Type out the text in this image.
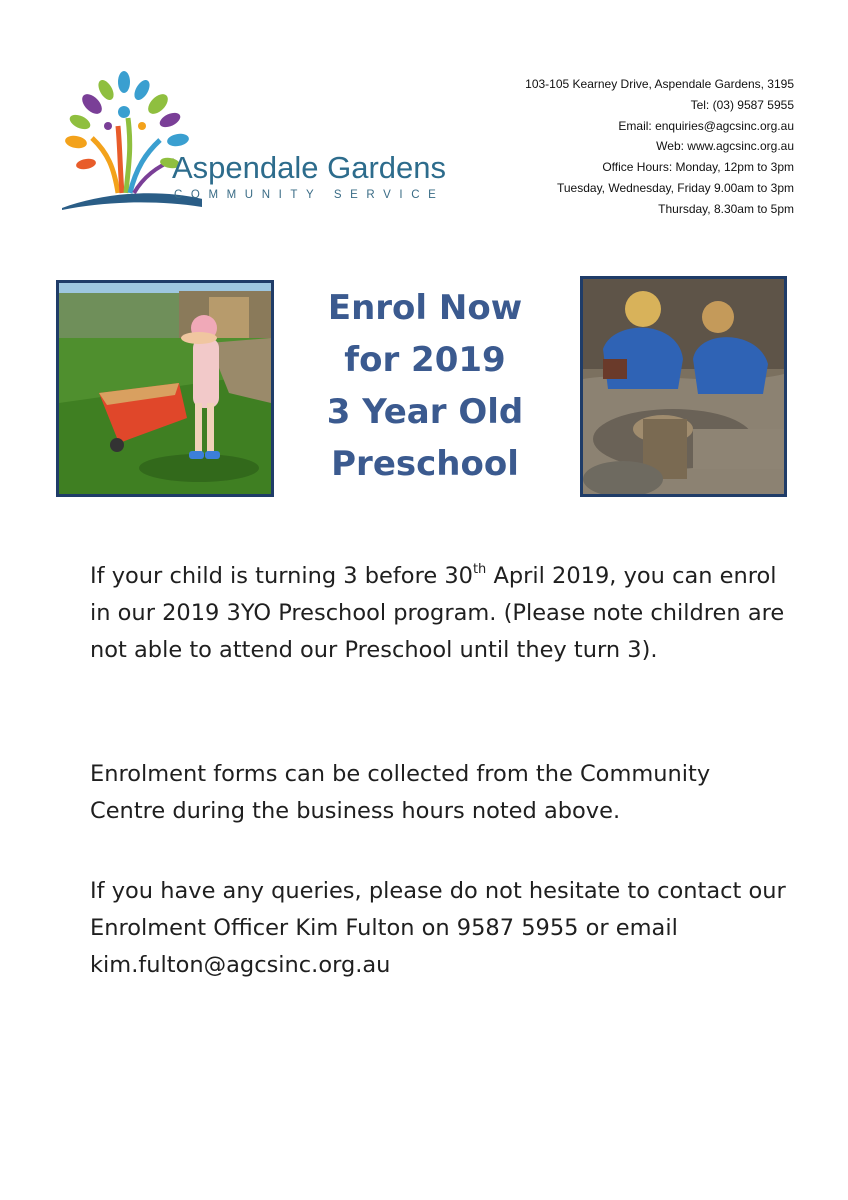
Aspendale Gardens

COMMUNITY SERVICE

103-105 Kearney Drive, Aspendale Gardens, 3195
Tel: (03) 9587 5955
Email: enquiries@agcsinc.org.au
Web: www.agcsinc.org.au
Office Hours: Monday, 12pm to 3pm
Tuesday, Wednesday, Friday 9.00am to 3pm
Thursday, 8.30am to 5pm
Enrol Now
for 2019
3 Year Old
Preschool
If your child is turning 3 before 30th April 2019, you can enrol in our 2019 3YO Preschool program. (Please note children are not able to attend our Preschool until they turn 3).
Enrolment forms can be collected from the Community Centre during the business hours noted above.
If you have any queries, please do not hesitate to contact our Enrolment Officer Kim Fulton on 9587 5955 or email kim.fulton@agcsinc.org.au
